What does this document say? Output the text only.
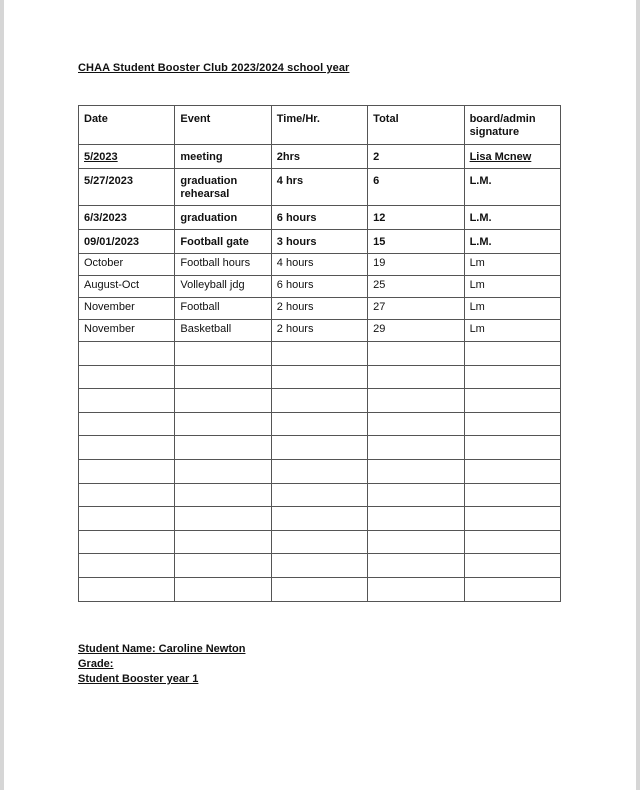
CHAA Student Booster Club 2023/2024 school year
Date	Event	Time/Hr.	Total	board/admin signature
5/2023	meeting	2hrs	2	Lisa Mcnew
5/27/2023	graduation rehearsal	4 hrs	6	L.M.
6/3/2023	graduation	6 hours	12	L.M.
09/01/2023	Football gate	3 hours	15	L.M.
October	Football hours	4 hours	19	Lm
August-Oct	Volleyball jdg	6 hours	25	Lm
November	Football	2 hours	27	Lm
November	Basketball	2 hours	29	Lm

Student Name: Caroline Newton
Grade:
Student Booster year 1
